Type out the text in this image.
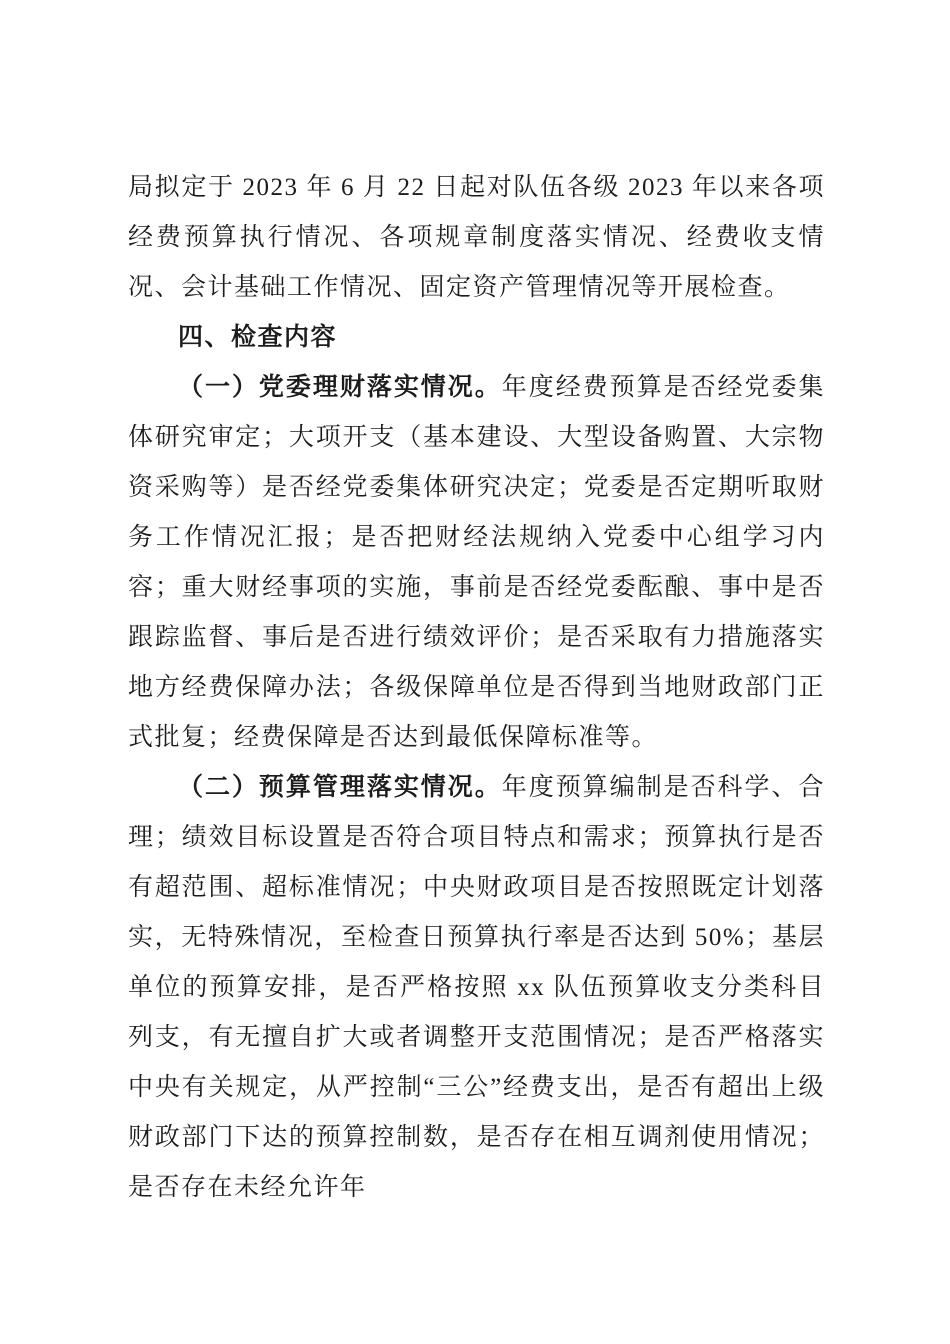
局拟定于 2023 年 6 月 22 日起对队伍各级 2023 年以来各项经费预算执行情况、各项规章制度落实情况、经费收支情况、会计基础工作情况、固定资产管理情况等开展检查。

四、检查内容

（一）党委理财落实情况。年度经费预算是否经党委集体研究审定；大项开支（基本建设、大型设备购置、大宗物资采购等）是否经党委集体研究决定；党委是否定期听取财务工作情况汇报；是否把财经法规纳入党委中心组学习内容；重大财经事项的实施，事前是否经党委酝酿、事中是否跟踪监督、事后是否进行绩效评价；是否采取有力措施落实地方经费保障办法；各级保障单位是否得到当地财政部门正式批复；经费保障是否达到最低保障标准等。

（二）预算管理落实情况。年度预算编制是否科学、合理；绩效目标设置是否符合项目特点和需求；预算执行是否有超范围、超标准情况；中央财政项目是否按照既定计划落实，无特殊情况，至检查日预算执行率是否达到 50%；基层单位的预算安排，是否严格按照 xx 队伍预算收支分类科目列支，有无擅自扩大或者调整开支范围情况；是否严格落实中央有关规定，从严控制“三公”经费支出，是否有超出上级财政部门下达的预算控制数，是否存在相互调剂使用情况；是否存在未经允许年
